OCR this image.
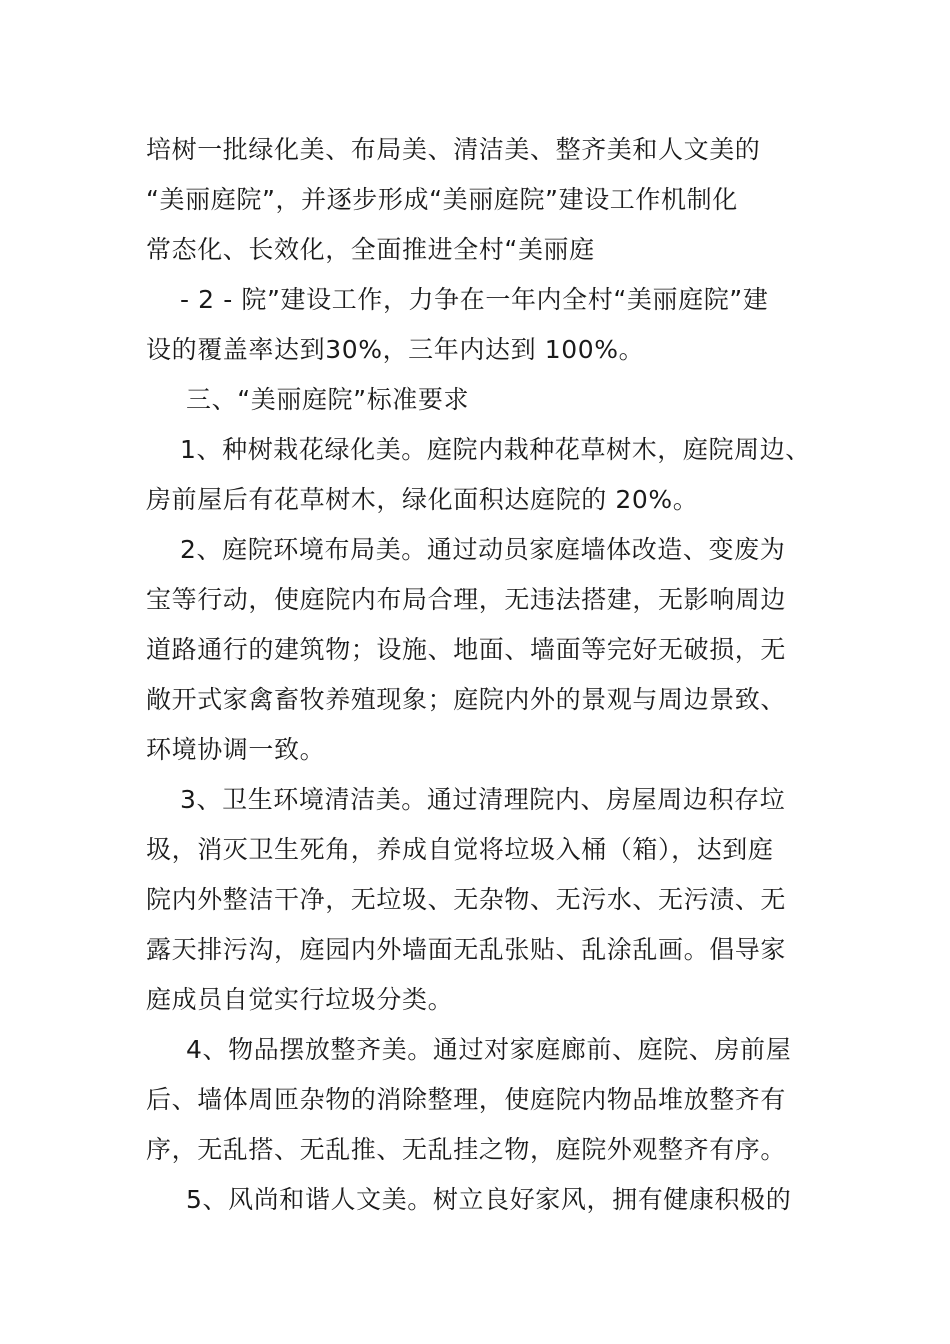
培树一批绿化美、布局美、清洁美、整齐美和人文美的

“美丽庭院”，并逐步形成“美丽庭院”建设工作机制化

常态化、长效化，全面推进全村“美丽庭

- 2 - 院”建设工作，力争在一年内全村“美丽庭院”建

设的覆盖率达到30%，三年内达到 100%。

三、“美丽庭院”标准要求

1、种树栽花绿化美。庭院内栽种花草树木，庭院周边、

房前屋后有花草树木，绿化面积达庭院的 20%。

2、庭院环境布局美。通过动员家庭墙体改造、变废为

宝等行动，使庭院内布局合理，无违法搭建，无影响周边

道路通行的建筑物；设施、地面、墙面等完好无破损，无

敞开式家禽畜牧养殖现象；庭院内外的景观与周边景致、

环境协调一致。

3、卫生环境清洁美。通过清理院内、房屋周边积存垃

圾，消灭卫生死角，养成自觉将垃圾入桶（箱），达到庭

院内外整洁干净，无垃圾、无杂物、无污水、无污渍、无

露天排污沟，庭园内外墙面无乱张贴、乱涂乱画。倡导家

庭成员自觉实行垃圾分类。

4、物品摆放整齐美。通过对家庭廊前、庭院、房前屋

后、墙体周匝杂物的消除整理，使庭院内物品堆放整齐有

序，无乱搭、无乱推、无乱挂之物，庭院外观整齐有序。

5、风尚和谐人文美。树立良好家风，拥有健康积极的
